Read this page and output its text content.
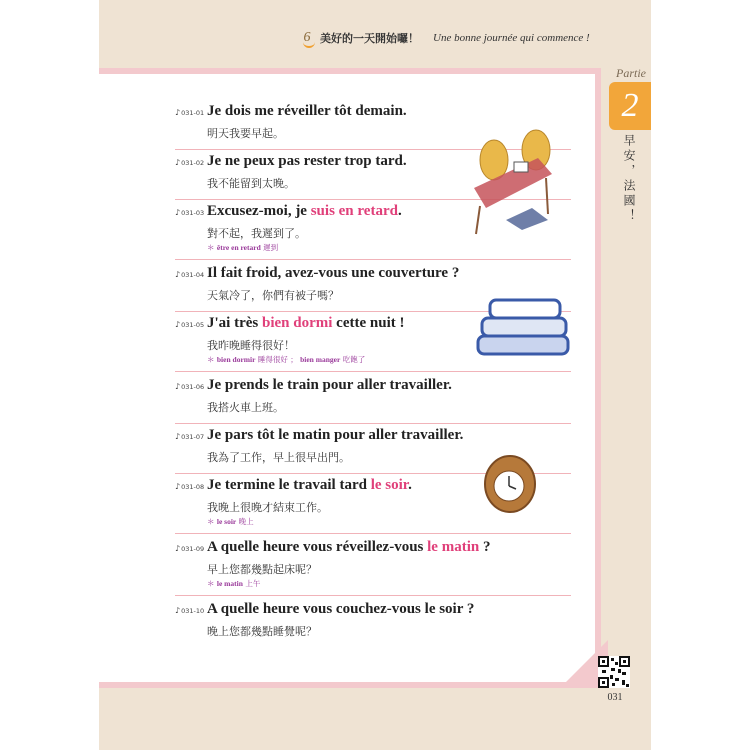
6 美好的一天開始囉！ Une bonne journée qui commence !
Partie
2
早安，法國！
♪031-01 Je dois me réveiller tôt demain.
明天我要早起。
♪031-02 Je ne peux pas rester trop tard.
我不能留到太晚。
♪031-03 Excusez-moi, je suis en retard.
對不起，我遲到了。
＊ être en retard 遲到
♪031-04 Il fait froid, avez-vous une couverture ?
天氣冷了，你們有被子嗎？
♪031-05 J'ai très bien dormi cette nuit !
我昨晚睡得很好！
＊ bien dormir 睡得很好 ； bien manger 吃飽了
♪031-06 Je prends le train pour aller travailler.
我搭火車上班。
♪031-07 Je pars tôt le matin pour aller travailler.
我為了工作，早上很早出門。
♪031-08 Je termine le travail tard le soir.
我晚上很晚才結束工作。
＊ le soir 晚上
♪031-09 A quelle heure vous réveillez-vous le matin ?
早上您都幾點起床呢？
＊ le matin 上午
♪031-10 A quelle heure vous couchez-vous le soir ?
晚上您都幾點睡覺呢？
031
